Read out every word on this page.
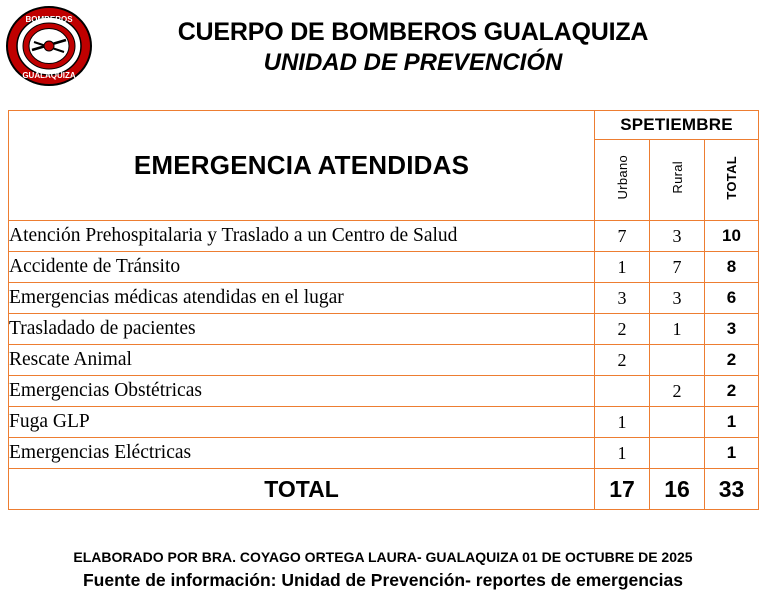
BOMBEROS
GUALAQUIZA
CUERPO DE BOMBEROS GUALAQUIZA
UNIDAD DE PREVENCIÓN
EMERGENCIA ATENDIDAS	SPETIEMBRE		
	Urbano	Rural	TOTAL
Atención Prehospitalaria y Traslado a un Centro de Salud	7	3	10
Accidente de Tránsito	1	7	8
Emergencias médicas atendidas en el lugar	3	3	6
Trasladado de pacientes	2	1	3
Rescate Animal	2		2
Emergencias Obstétricas		2	2
Fuga GLP	1		1
Emergencias Eléctricas	1		1
TOTAL	17	16	33
ELABORADO POR BRA. COYAGO ORTEGA LAURA- GUALAQUIZA 01 DE OCTUBRE DE 2025
Fuente de información: Unidad de Prevención- reportes de emergencias
